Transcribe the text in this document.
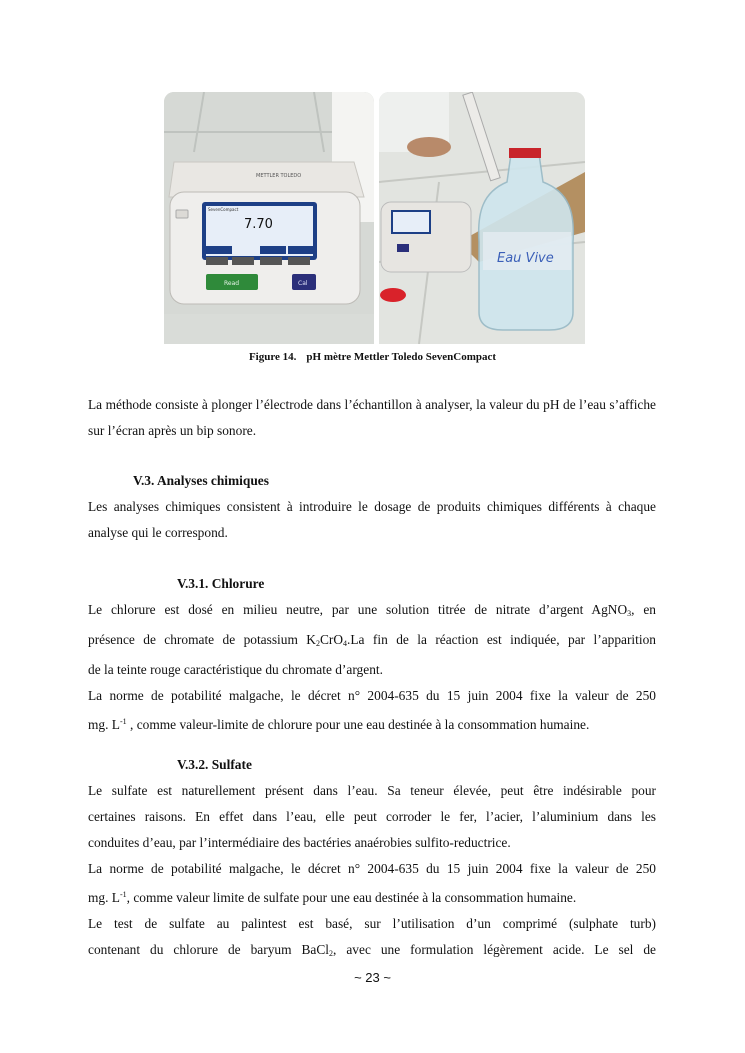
METTLER TOLEDO
SevenCompact
7.70
Read	Cal
Eau Vive
Figure 14. pH mètre Mettler Toledo SevenCompact

La méthode consiste à plonger l’électrode dans l’échantillon à analyser, la valeur du pH de l’eau s’affiche sur l’écran après un bip sonore.

V.3. Analyses chimiques

Les analyses chimiques consistent à introduire le dosage de produits chimiques différents à chaque analyse qui le correspond.

V.3.1. Chlorure

Le chlorure est dosé en milieu neutre, par une solution titrée de nitrate d’argent AgNO$_3$, en
présence de chromate de potassium $K_2CrO_4.La$ fin de la réaction est indiquée, par l’apparition
de la teinte rouge caractéristique du chromate d’argent.
La norme de potabilité malgache, le décret n° 2004-635 du 15 juin 2004 fixe la valeur de 250
mg. $L^{-1}$ , comme valeur-limite de chlorure pour une eau destinée à la consommation humaine.

V.3.2. Sulfate

Le sulfate est naturellement présent dans l’eau. Sa teneur élevée, peut être indésirable pour
certaines raisons. En effet dans l’eau, elle peut corroder le fer, l’acier, l’aluminium dans les
conduites d’eau, par l’intermédiaire des bactéries anaérobies sulfito-reductrice.
La norme de potabilité malgache, le décret n° 2004-635 du 15 juin 2004 fixe la valeur de 250
mg. $L^{-1}$, comme valeur limite de sulfate pour une eau destinée à la consommation humaine.
Le test de sulfate au palintest est basé, sur l’utilisation d’un comprimé (sulphate turb)
contenant du chlorure de baryum BaCl$_2$, avec une formulation légèrement acide. Le sel de

~ 23 ~
